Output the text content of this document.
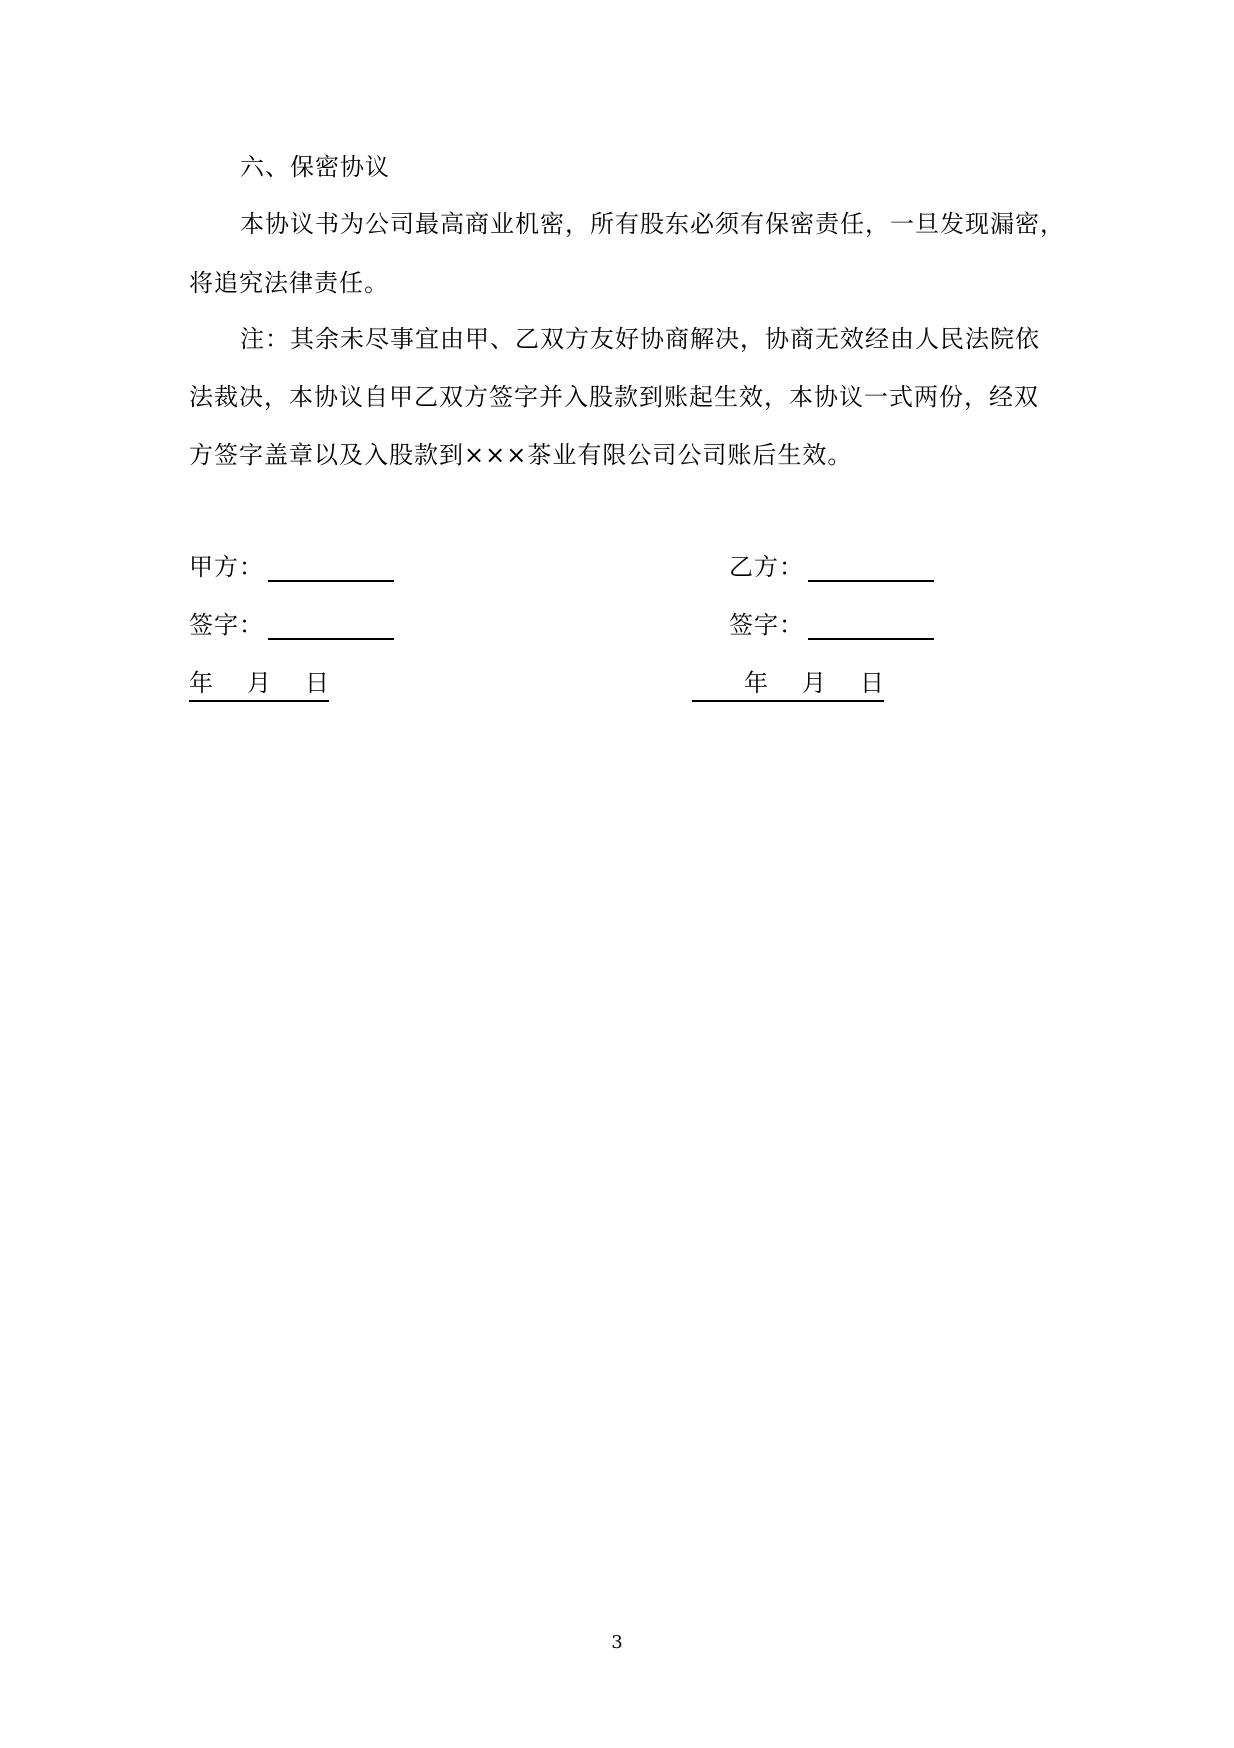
六、保密协议
本协议书为公司最高商业机密，所有股东必须有保密责任，一旦发现漏密，
将追究法律责任。
注：其余未尽事宜由甲、乙双方友好协商解决，协商无效经由人民法院依
法裁决，本协议自甲乙双方签字并入股款到账起生效，本协议一式两份，经双
方签字盖章以及入股款到×××茶业有限公司公司账后生效。
甲方：
签字：
乙方：
签字：
年 月 日	年 月 日
3
